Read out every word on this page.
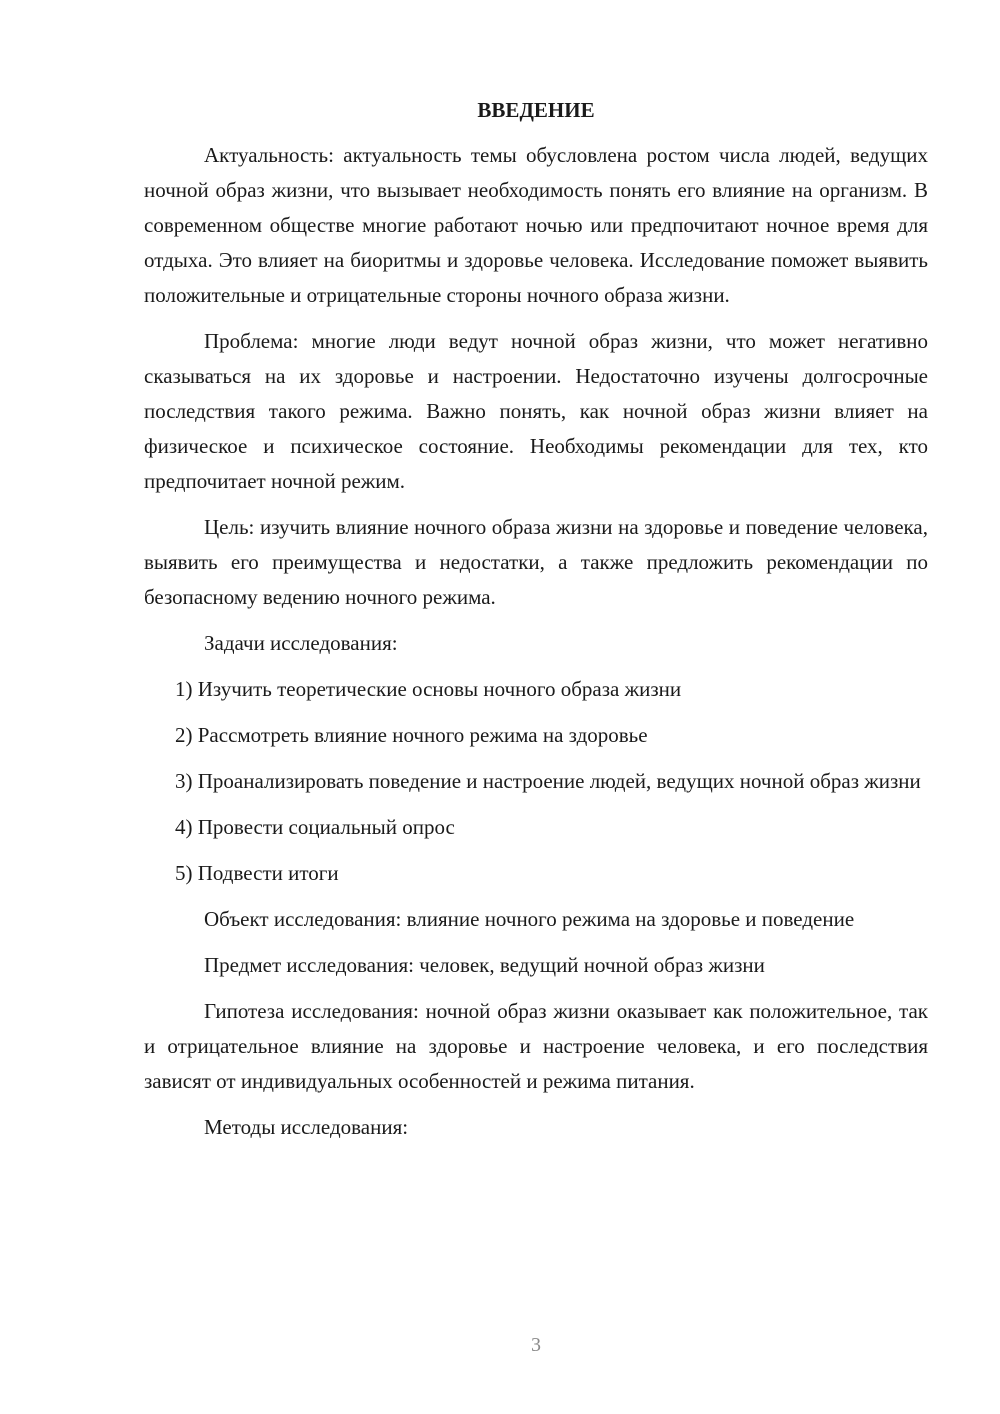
ВВЕДЕНИЕ

Актуальность: актуальность темы обусловлена ростом числа людей, ведущих ночной образ жизни, что вызывает необходимость понять его влияние на организм. В современном обществе многие работают ночью или предпочитают ночное время для отдыха. Это влияет на биоритмы и здоровье человека. Исследование поможет выявить положительные и отрицательные стороны ночного образа жизни.

Проблема: многие люди ведут ночной образ жизни, что может негативно сказываться на их здоровье и настроении. Недостаточно изучены долгосрочные последствия такого режима. Важно понять, как ночной образ жизни влияет на физическое и психическое состояние. Необходимы рекомендации для тех, кто предпочитает ночной режим.

Цель: изучить влияние ночного образа жизни на здоровье и поведение человека, выявить его преимущества и недостатки, а также предложить рекомендации по безопасному ведению ночного режима.

Задачи исследования:

1) Изучить теоретические основы ночного образа жизни

2) Рассмотреть влияние ночного режима на здоровье

3) Проанализировать поведение и настроение людей, ведущих ночной образ жизни

4) Провести социальный опрос

5) Подвести итоги

Объект исследования: влияние ночного режима на здоровье и поведение

Предмет исследования: человек, ведущий ночной образ жизни

Гипотеза исследования: ночной образ жизни оказывает как положительное, так и отрицательное влияние на здоровье и настроение человека, и его последствия зависят от индивидуальных особенностей и режима питания.

Методы исследования:

3
